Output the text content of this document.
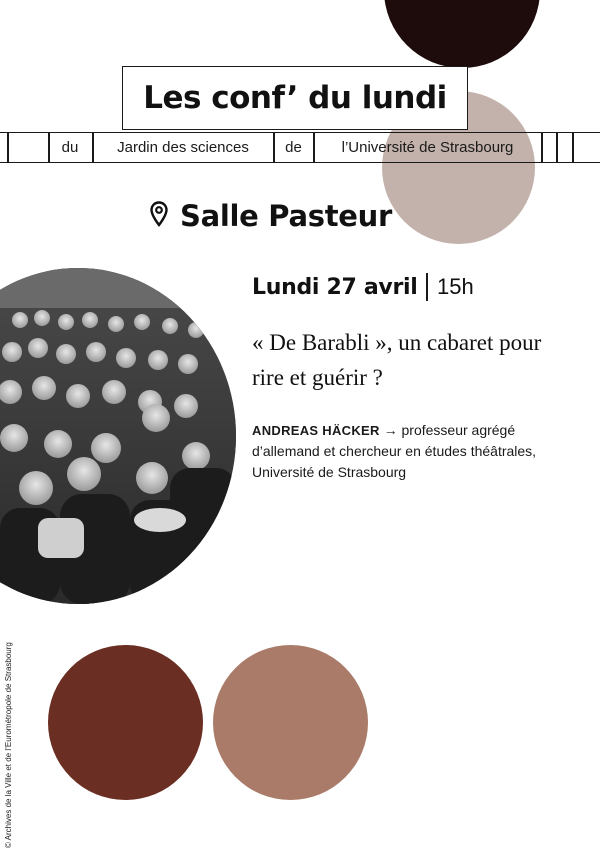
du	Jardin des sciences	de	l’Université de Strasbourg
Les conf’ du lundi
Salle Pasteur
Lundi 27 avril 15h
« De Barabli », un cabaret pour rire et guérir ?
ANDREAS HÄCKER → professeur agrégé d’allemand et chercheur en études théâtrales, Université de Strasbourg
© Archives de la Ville et de l’Eurométropole de Strasbourg
